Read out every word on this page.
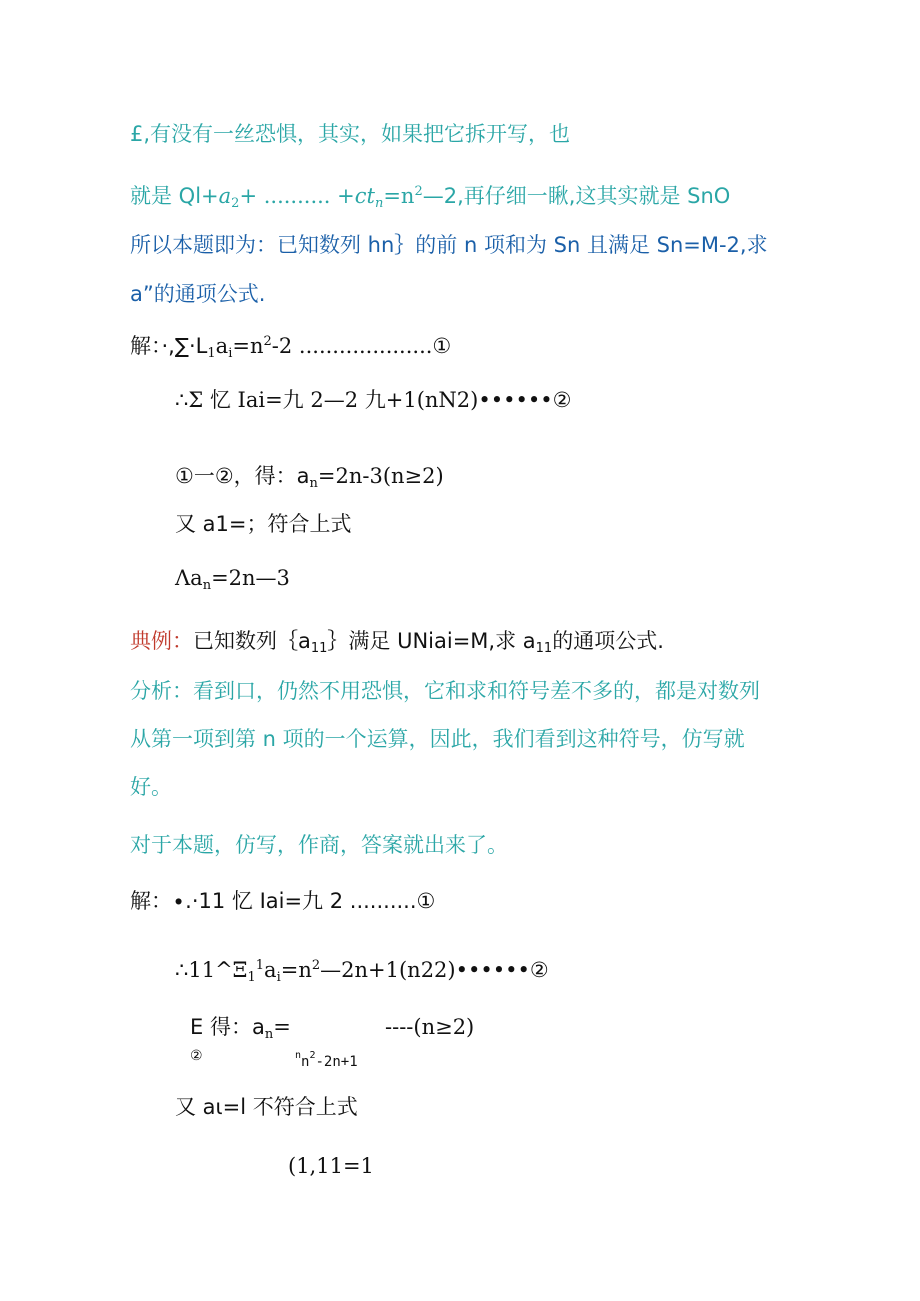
£,有没有一丝恐惧，其实，如果把它拆开写，也
就是 $Ql+a_2+$ .......... $+ct_n=n^2—2$,再仔细一瞅,这其实就是 SnO
所以本题即为：已知数列 hn｝的前 n 项和为 Sn 且满足 Sn=M-2,求
a”的通项公式.
解：$\cdot,\sum\cdot L_1a_i=n^2-2$ ....................①
∴Σ 忆 Iai=九 2—2 九+1(nN2)••••••②
①一②，得：$a_n=2n-3(n\ge 2)$
又 a1=；符合上式
$\Lambda a_n=2n—3$
典例：已知数列$\{a_{11}\}$满足 UNiai=M,求 $a_{11}$的通项公式.
分析：看到口，仍然不用恐惧，它和求和符号差不多的，都是对数列
从第一项到第 n 项的一个运算，因此，我们看到这种符号，仿写就
好。
对于本题，仿写，作商，答案就出来了。
解：∙.·11 忆 Iai=九 2 ..........①
$\therefore 11\^{}\Xi_1^1a_i=n^2—2n+1(n22)••••••②$
E 得：$a_n=$	----(n≥2)
②	$^nn^2-2n+1$
又 aι=l 不符合上式
(1,11=1
